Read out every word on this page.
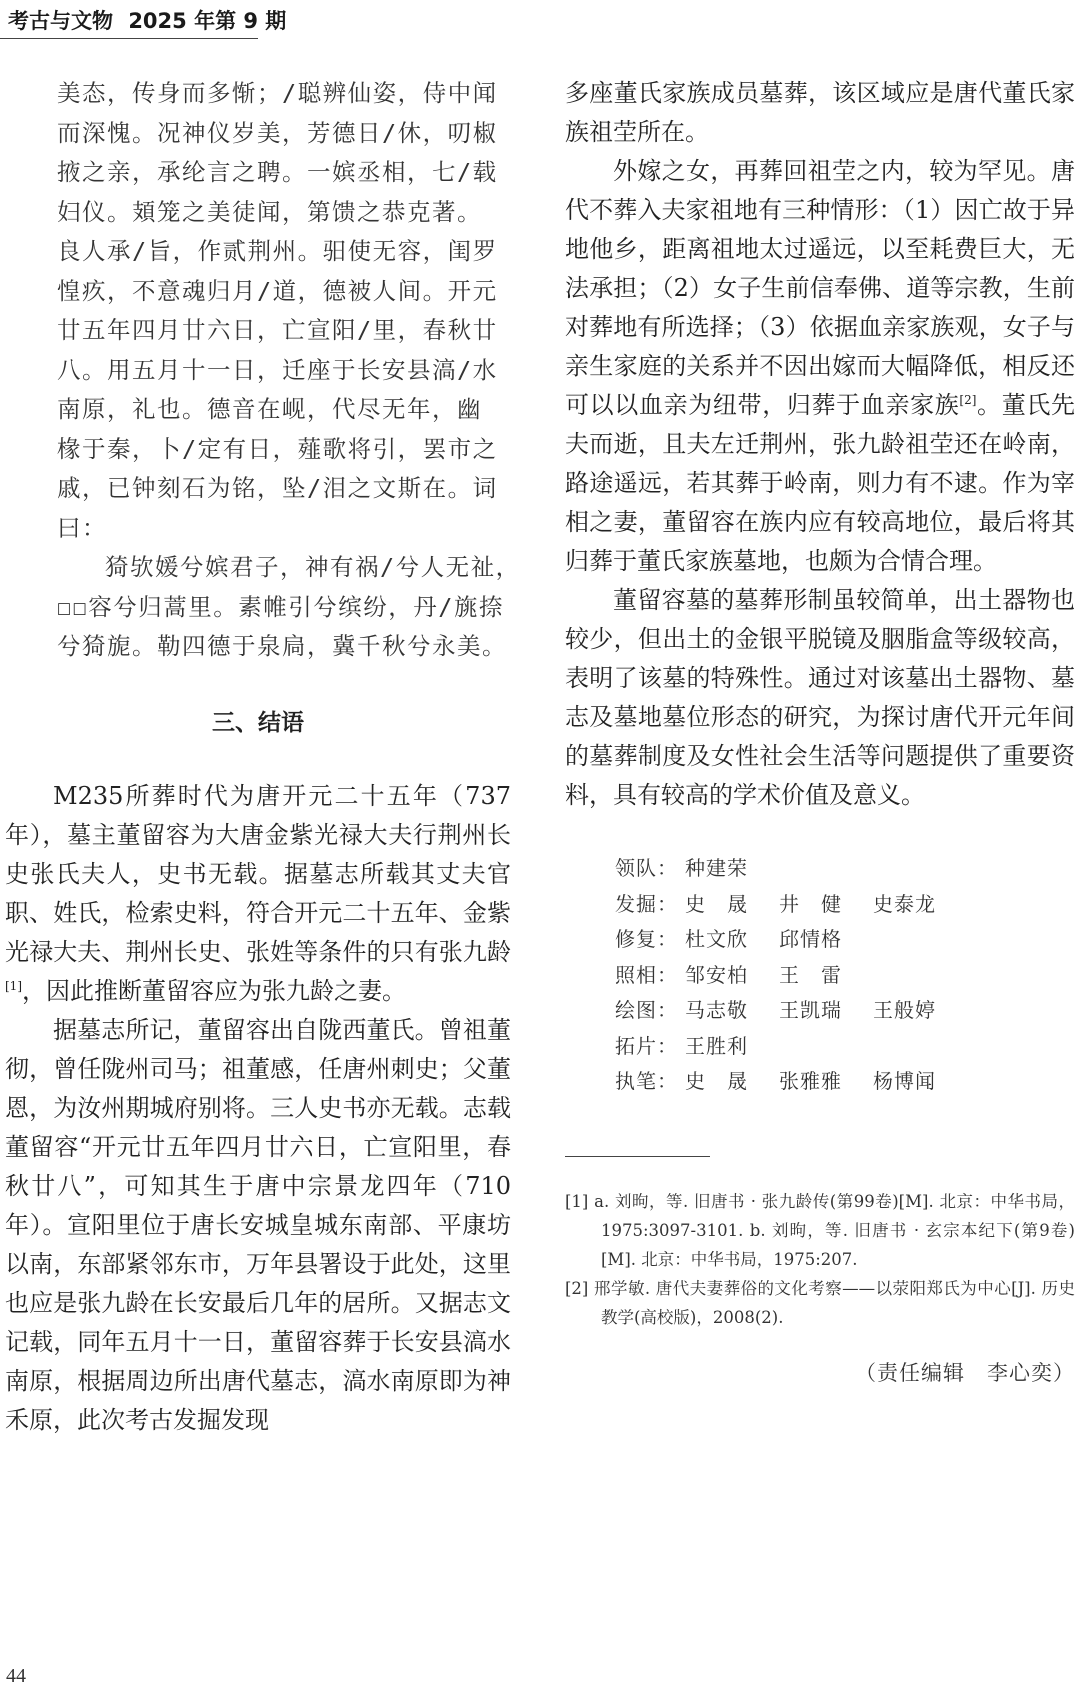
考古与文物 2025 年第 9 期

美态，传身而多惭；/聪辨仙姿，侍中闻

而深愧。况神仪岁美，芳德日/休，叨椒

掖之亲，承纶言之聘。一嫔丞相，七/载

妇仪。頍笼之美徒闻，第馈之恭克著。

良人承/旨，作贰荆州。驲使无容，闺罗

惶疚，不意魂归月/道，德被人间。开元

廿五年四月廿六日，亡宣阳/里，春秋廿

八。用五月十一日，迁座于长安县滈/水

南原，礼也。德音在岘，代尽无年，幽

椽于秦，卜/定有日，薤歌将引，罢市之

戚，已钟刻石为铭，坠/泪之文斯在。词

曰：

猗欤媛兮嫔君子，神有祸/兮人无祉，

☐☐容兮归蒿里。素帷引兮缤纷，丹/旐捺

兮猗旎。勒四德于泉扃，冀千秋兮永美。

三、结语

M235所葬时代为唐开元二十五年（737年），墓主董留容为大唐金紫光禄大夫行荆州长史张氏夫人，史书无载。据墓志所载其丈夫官职、姓氏，检索史料，符合开元二十五年、金紫光禄大夫、荆州长史、张姓等条件的只有张九龄[1]，因此推断董留容应为张九龄之妻。

据墓志所记，董留容出自陇西董氏。曾祖董彻，曾任陇州司马；祖董感，任唐州刺史；父董恩，为汝州期城府别将。三人史书亦无载。志载董留容“开元廿五年四月廿六日，亡宣阳里，春秋廿八”，可知其生于唐中宗景龙四年（710年）。宣阳里位于唐长安城皇城东南部、平康坊以南，东部紧邻东市，万年县署设于此处，这里也应是张九龄在长安最后几年的居所。又据志文记载，同年五月十一日，董留容葬于长安县滈水南原，根据周边所出唐代墓志，滈水南原即为神禾原，此次考古发掘发现

多座董氏家族成员墓葬，该区域应是唐代董氏家族祖茔所在。

外嫁之女，再葬回祖茔之内，较为罕见。唐代不葬入夫家祖地有三种情形：（1）因亡故于异地他乡，距离祖地太过遥远，以至耗费巨大，无法承担；（2）女子生前信奉佛、道等宗教，生前对葬地有所选择；（3）依据血亲家族观，女子与亲生家庭的关系并不因出嫁而大幅降低，相反还可以以血亲为纽带，归葬于血亲家族[2]。董氏先夫而逝，且夫左迁荆州，张九龄祖茔还在岭南，路途遥远，若其葬于岭南，则力有不逮。作为宰相之妻，董留容在族内应有较高地位，最后将其归葬于董氏家族墓地，也颇为合情合理。

董留容墓的墓葬形制虽较简单，出土器物也较少，但出土的金银平脱镜及胭脂盒等级较高，表明了该墓的特殊性。通过对该墓出土器物、墓志及墓地墓位形态的研究，为探讨唐代开元年间的墓葬制度及女性社会生活等问题提供了重要资料，具有较高的学术价值及意义。

领队： 种建荣
发掘： 史　晟	井　健	史泰龙
修复： 杜文欣	邱情格
照相： 邹安柏	王　雷
绘图： 马志敬	王凯瑞	王般婷
拓片： 王胜利
执笔： 史　晟	张雅雅	杨博闻

[1] a. 刘昫，等. 旧唐书 · 张九龄传(第99卷)[M]. 北京：中华书局，1975:3097-3101. b. 刘昫，等. 旧唐书 · 玄宗本纪下(第9卷)[M]. 北京：中华书局，1975:207.

[2] 邢学敏. 唐代夫妻葬俗的文化考察——以荥阳郑氏为中心[J]. 历史教学(高校版)，2008(2).

（责任编辑　李心奕）
44
